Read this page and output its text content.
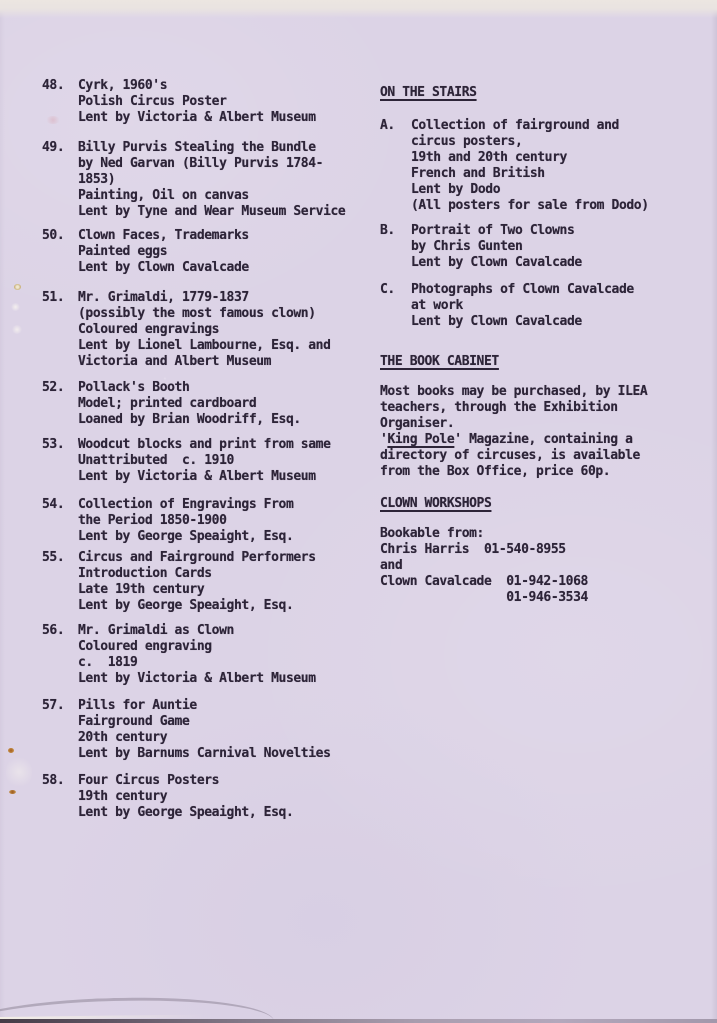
48.	Cyrk, 1960's
Polish Circus Poster
Lent by Victoria & Albert Museum
49.	Billy Purvis Stealing the Bundle
by Ned Garvan (Billy Purvis 1784-
1853)
Painting, Oil on canvas
Lent by Tyne and Wear Museum Service
50.	Clown Faces, Trademarks
Painted eggs
Lent by Clown Cavalcade
51.	Mr. Grimaldi, 1779-1837
(possibly the most famous clown)
Coloured engravings
Lent by Lionel Lambourne, Esq. and
Victoria and Albert Museum
52.	Pollack's Booth
Model; printed cardboard
Loaned by Brian Woodriff, Esq.
53.	Woodcut blocks and print from same
Unattributed  c. 1910
Lent by Victoria & Albert Museum
54.	Collection of Engravings From
the Period 1850-1900
Lent by George Speaight, Esq.
55.	Circus and Fairground Performers
Introduction Cards
Late 19th century
Lent by George Speaight, Esq.
56.	Mr. Grimaldi as Clown
Coloured engraving
c.  1819
Lent by Victoria & Albert Museum
57.	Pills for Auntie
Fairground Game
20th century
Lent by Barnums Carnival Novelties
58.	Four Circus Posters
19th century
Lent by George Speaight, Esq.
ON THE STAIRS
A.	Collection of fairground and
circus posters,
19th and 20th century
French and British
Lent by Dodo
(All posters for sale from Dodo)
B.	Portrait of Two Clowns
by Chris Gunten
Lent by Clown Cavalcade
C.	Photographs of Clown Cavalcade
at work
Lent by Clown Cavalcade
THE BOOK CABINET
Most books may be purchased, by ILEA
teachers, through the Exhibition
Organiser.
'King Pole' Magazine, containing a
directory of circuses, is available
from the Box Office, price 60p.
CLOWN WORKSHOPS
Bookable from:
Chris Harris  01-540-8955
and
Clown Cavalcade  01-942-1068
01-946-3534
